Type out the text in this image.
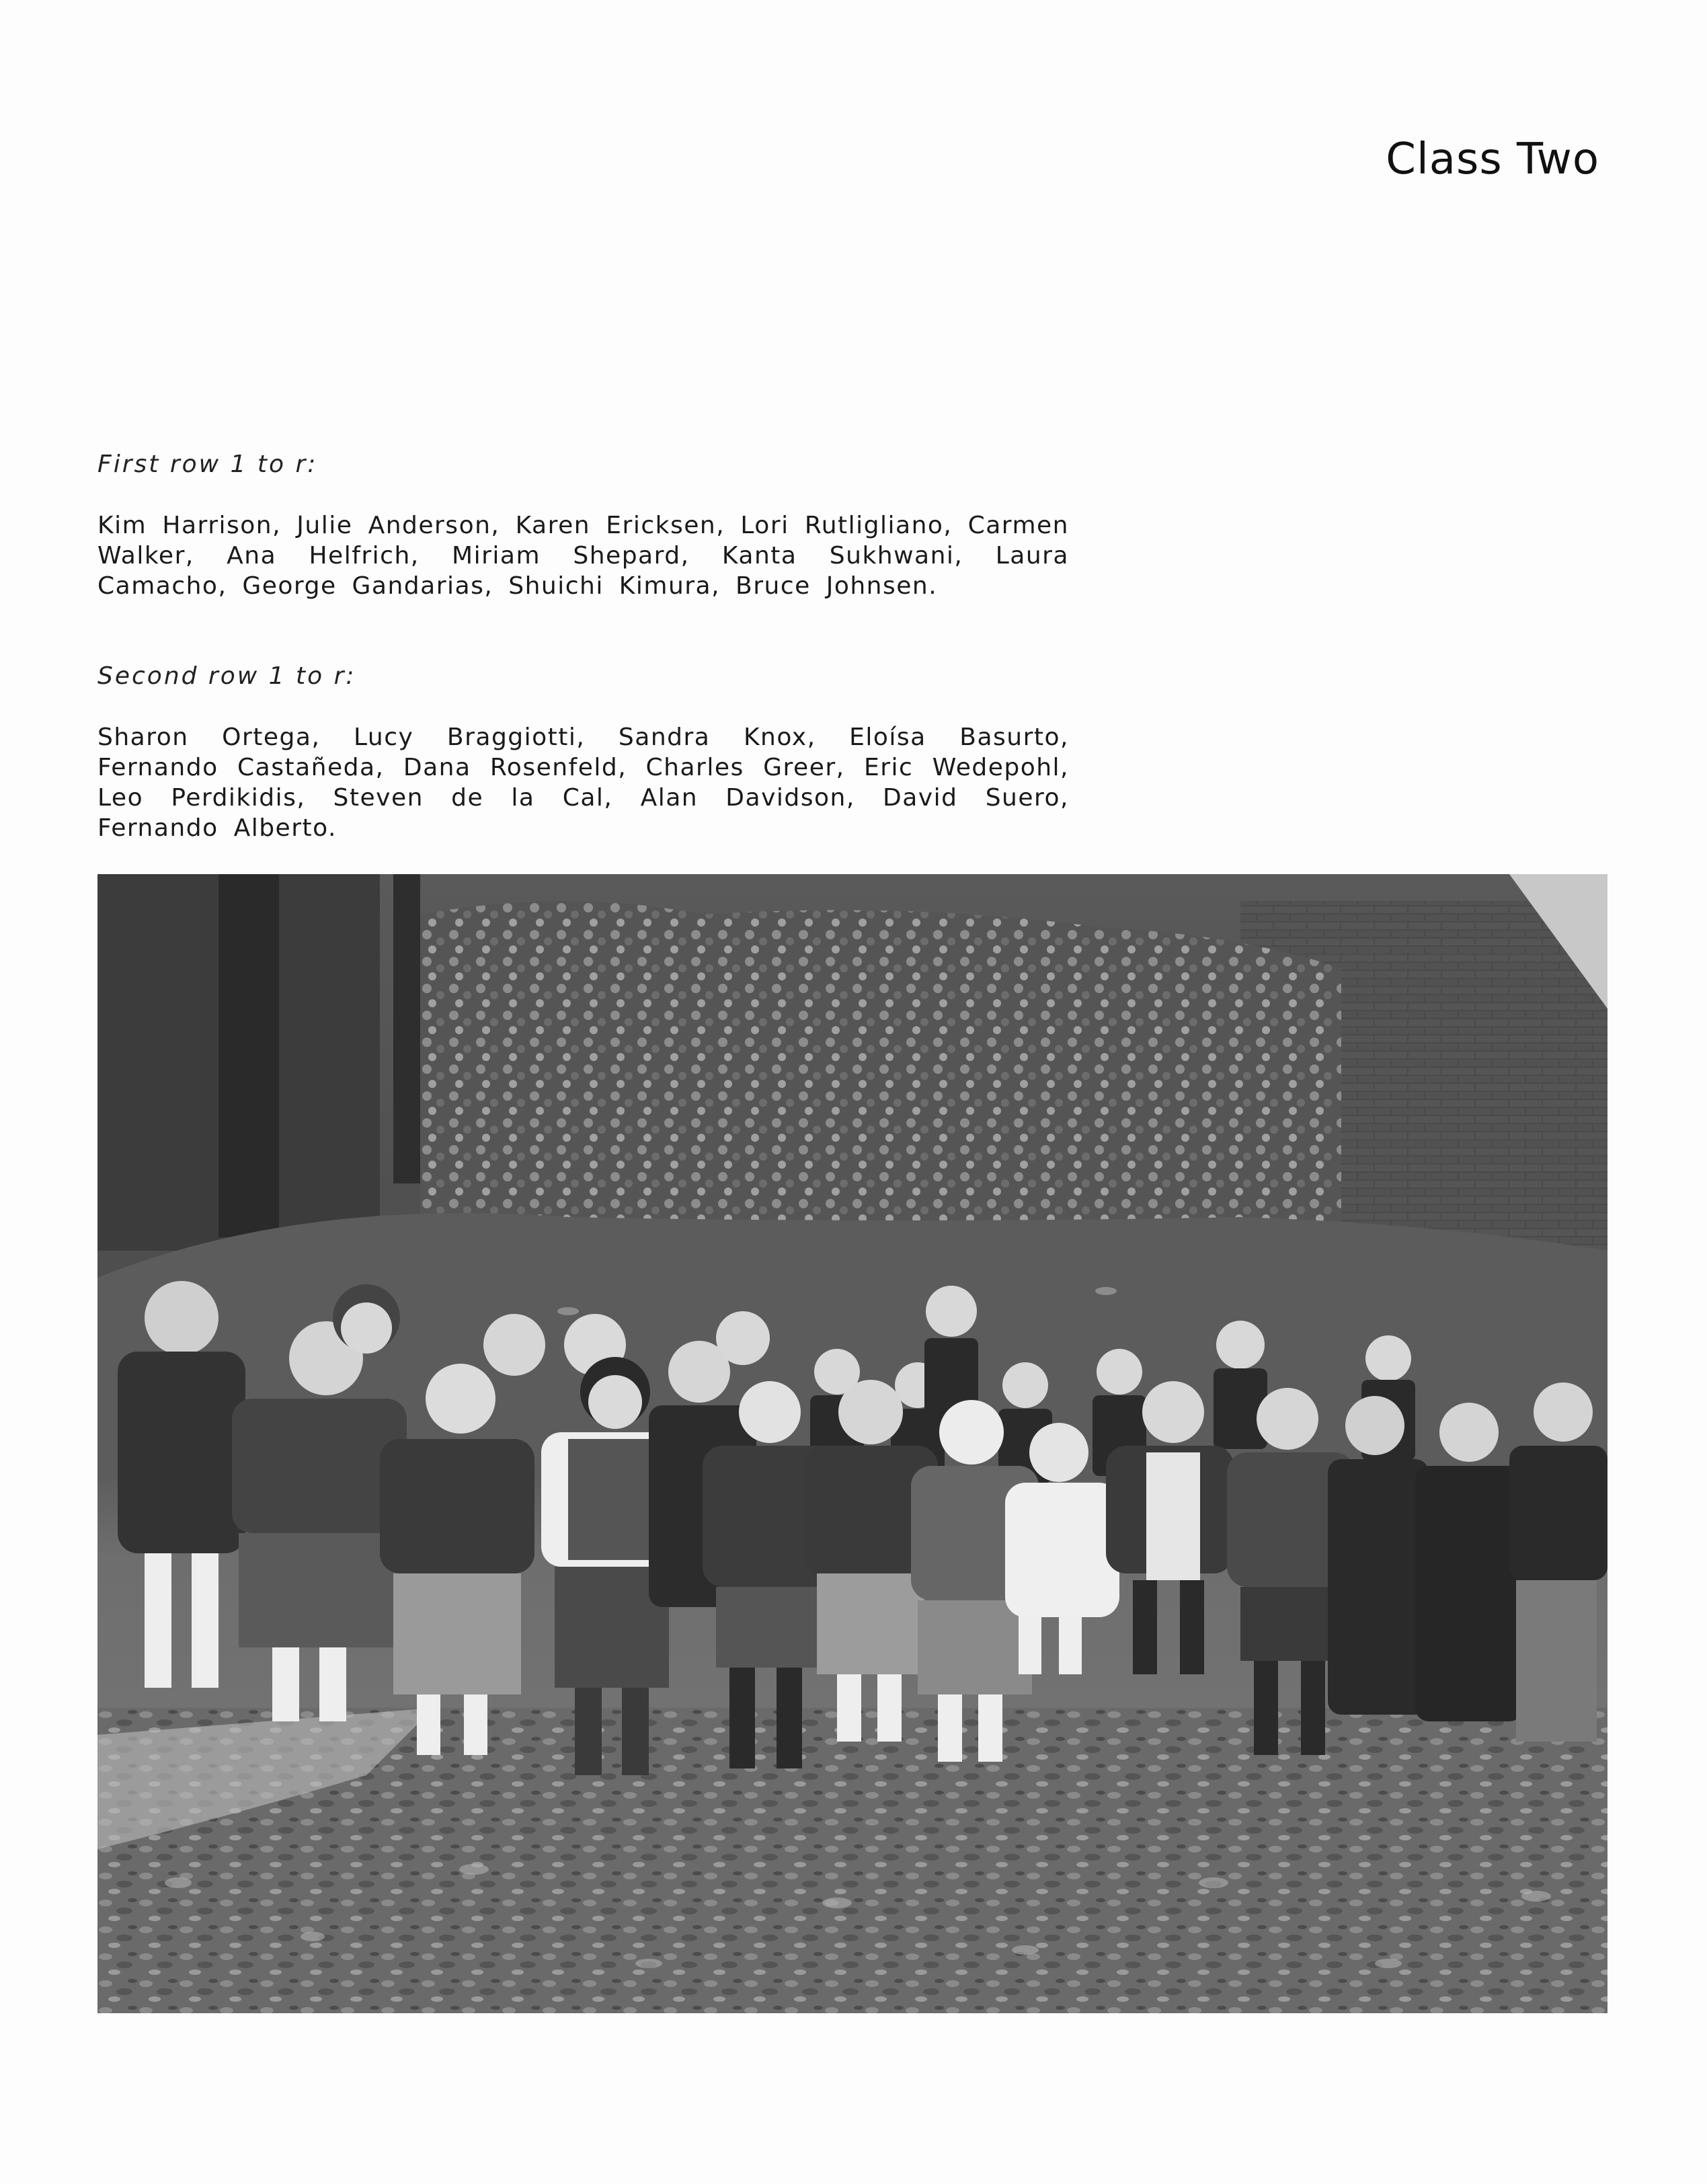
Class Two
First row 1 to r:
Kim Harrison, Julie Anderson, Karen Ericksen, Lori Rutligliano, Carmen Walker, Ana Helfrich, Miriam Shepard, Kanta Sukhwani, Laura Camacho, George Gandarias, Shuichi Kimura, Bruce Johnsen.
Second row 1 to r:
Sharon Ortega, Lucy Braggiotti, Sandra Knox, Eloísa Basurto, Fernando Castañeda, Dana Rosenfeld, Charles Greer, Eric Wedepohl, Leo Perdikidis, Steven de la Cal, Alan Davidson, David Suero, Fernando Alberto.
